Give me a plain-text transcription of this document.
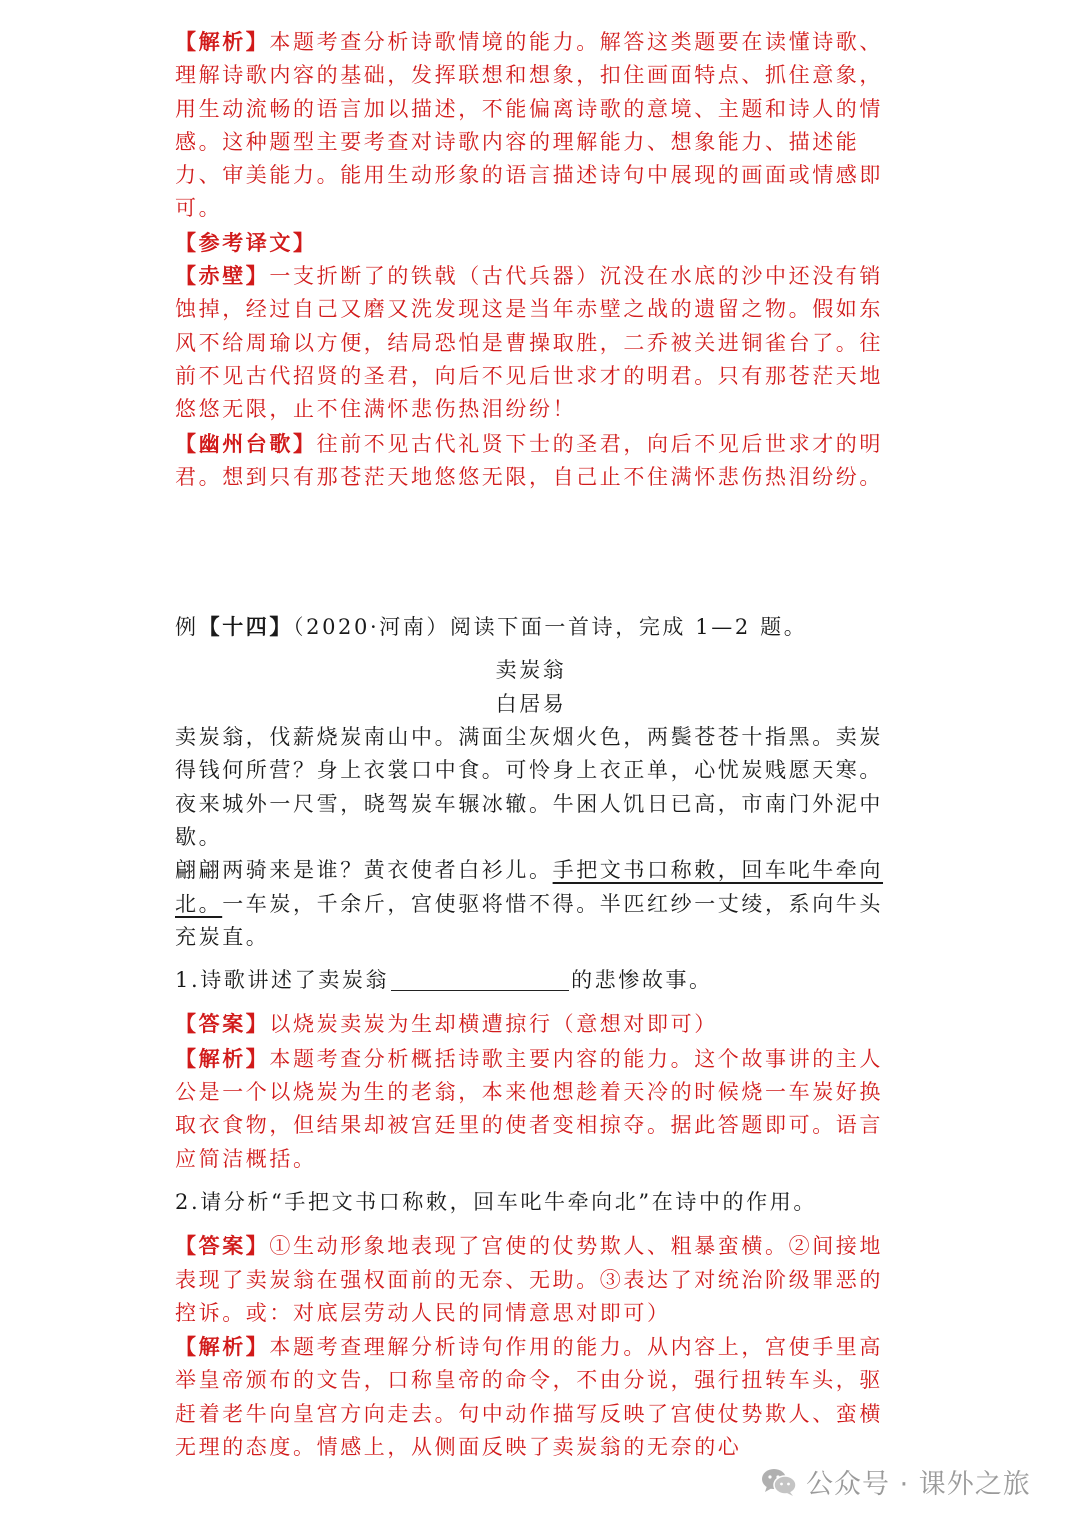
【解析】本题考查分析诗歌情境的能力。解答这类题要在读懂诗歌、理解诗歌内容的基础，发挥联想和想象，扣住画面特点、抓住意象，用生动流畅的语言加以描述，不能偏离诗歌的意境、主题和诗人的情感。这种题型主要考查对诗歌内容的理解能力、想象能力、描述能力、审美能力。能用生动形象的语言描述诗句中展现的画面或情感即可。

【参考译文】

【赤壁】一支折断了的铁戟（古代兵器）沉没在水底的沙中还没有销蚀掉，经过自己又磨又洗发现这是当年赤壁之战的遗留之物。假如东风不给周瑜以方便，结局恐怕是曹操取胜，二乔被关进铜雀台了。往前不见古代招贤的圣君，向后不见后世求才的明君。只有那苍茫天地悠悠无限，止不住满怀悲伤热泪纷纷！

【幽州台歌】往前不见古代礼贤下士的圣君，向后不见后世求才的明君。想到只有那苍茫天地悠悠无限，自己止不住满怀悲伤热泪纷纷。

例【十四】（2020·河南）阅读下面一首诗，完成 1—2 题。

卖炭翁

白居易

卖炭翁，伐薪烧炭南山中。满面尘灰烟火色，两鬓苍苍十指黑。卖炭得钱何所营？身上衣裳口中食。可怜身上衣正单，心忧炭贱愿天寒。夜来城外一尺雪，晓驾炭车辗冰辙。牛困人饥日已高，市南门外泥中歇。

翩翩两骑来是谁？黄衣使者白衫儿。手把文书口称敕，回车叱牛牵向北。一车炭，千余斤，宫使驱将惜不得。半匹红纱一丈绫，系向牛头充炭直。

1.诗歌讲述了卖炭翁	的悲惨故事。

【答案】以烧炭卖炭为生却横遭掠行（意想对即可）

【解析】本题考查分析概括诗歌主要内容的能力。这个故事讲的主人公是一个以烧炭为生的老翁，本来他想趁着天冷的时候烧一车炭好换取衣食物，但结果却被宫廷里的使者变相掠夺。据此答题即可。语言应简洁概括。

2.请分析“手把文书口称敕，回车叱牛牵向北”在诗中的作用。

【答案】①生动形象地表现了宫使的仗势欺人、粗暴蛮横。②间接地表现了卖炭翁在强权面前的无奈、无助。③表达了对统治阶级罪恶的控诉。或：对底层劳动人民的同情意思对即可）

【解析】本题考查理解分析诗句作用的能力。从内容上，宫使手里高举皇帝颁布的文告，口称皇帝的命令，不由分说，强行扭转车头，驱赶着老牛向皇宫方向走去。句中动作描写反映了宫使仗势欺人、蛮横无理的态度。情感上，从侧面反映了卖炭翁的无奈的心

公众号 · 课外之旅
